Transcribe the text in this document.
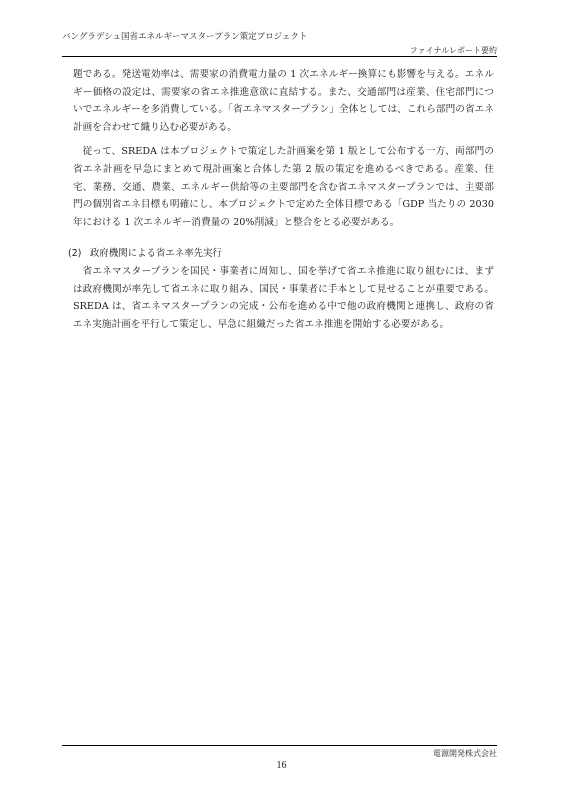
バングラデシュ国省エネルギーマスタープラン策定プロジェクト
ファイナルレポート要約

題である。発送電効率は、需要家の消費電力量の 1 次エネルギー換算にも影響を与える。エネルギー価格の設定は、需要家の省エネ推進意欲に直結する。また、交通部門は産業、住宅部門についでエネルギーを多消費している。「省エネマスタープラン」全体としては、これら部門の省エネ計画を合わせて織り込む必要がある。

従って、SREDA は本プロジェクトで策定した計画案を第 1 版として公布する一方、両部門の省エネ計画を早急にまとめて現計画案と合体した第 2 版の策定を進めるべきである。産業、住宅、業務、交通、農業、エネルギー供給等の主要部門を含む省エネマスタープランでは、主要部門の個別省エネ目標も明確にし、本プロジェクトで定めた全体目標である「GDP 当たりの 2030 年における 1 次エネルギー消費量の 20%削減」と整合をとる必要がある。

(2) 政府機関による省エネ率先実行

省エネマスタープランを国民・事業者に周知し、国を挙げて省エネ推進に取り組むには、まずは政府機関が率先して省エネに取り組み、国民・事業者に手本として見せることが重要である。SREDA は、省エネマスタープランの完成・公布を進める中で他の政府機関と連携し、政府の省エネ実施計画を平行して策定し、早急に組織だった省エネ推進を開始する必要がある。

電源開発株式会社
16
